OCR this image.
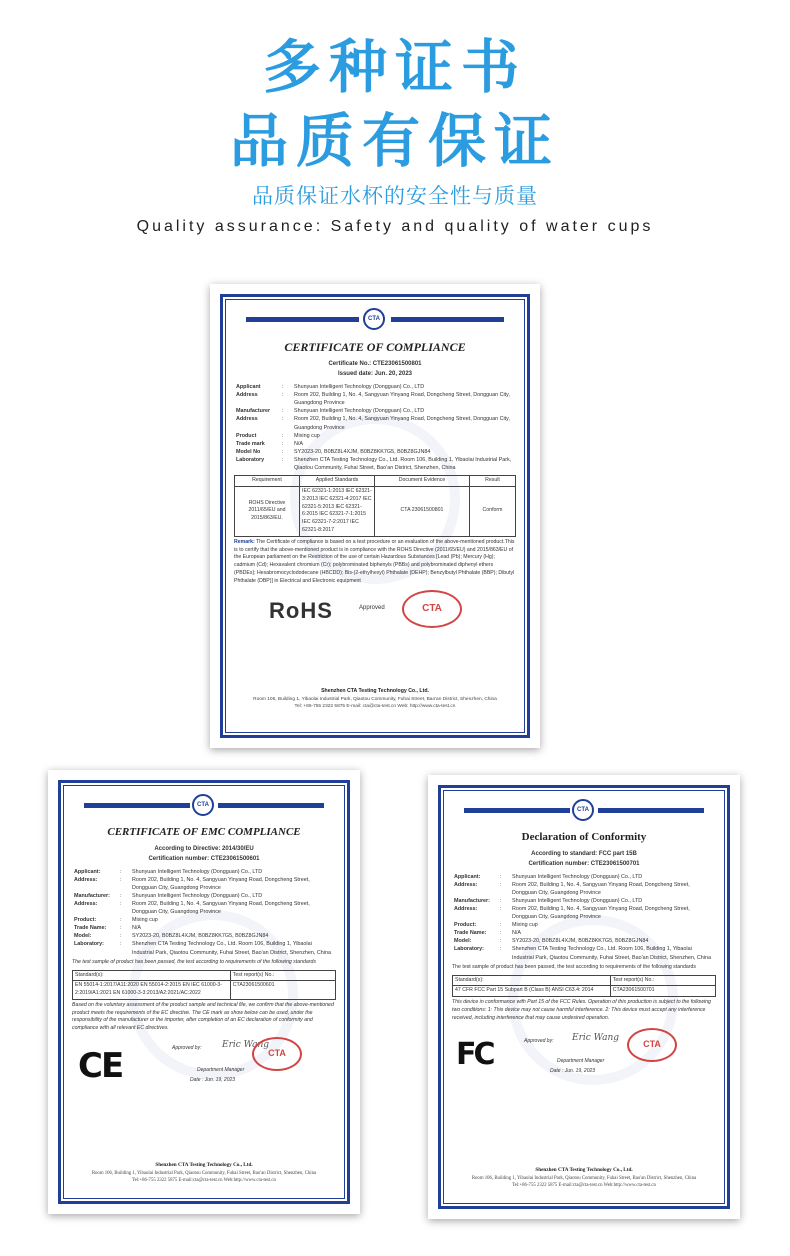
多种证书
品质有保证
品质保证水杯的安全性与质量
Quality assurance: Safety and quality of water cups
CTA
CERTIFICATE OF COMPLIANCE
Certificate No.: CTE23061500801
Issued date: Jun. 20, 2023
Applicant	:	Shunyuan Intelligent Technology (Dongguan) Co., LTD
Address	:	Room 202, Building 1, No. 4, Sangyuan Yinyang Road, Dongcheng Street, Dongguan City, Guangdong Province
Manufacturer	:	Shunyuan Intelligent Technology (Dongguan) Co., LTD
Address	:	Room 202, Building 1, No. 4, Sangyuan Yinyang Road, Dongcheng Street, Dongguan City, Guangdong Province
Product	:	Mixing cup
Trade mark	:	N/A
Model No	:	SY2023-20, B0BZ8L4XJM, B0BZ8KK7G5, B0BZ8GJN84
Laboratory	:	Shenzhen CTA Testing Technology Co., Ltd. Room 106, Building 1, Yibaolai Industrial Park, Qiaotou Community, Fuhai Street, Bao'an District, Shenzhen, China
Requirement	Applied Standards	Document Evidence	Result
ROHS Directive 2011/65/EU and 2015/863/EU.	IEC 62321-1:2013 IEC 62321-3:2013 IEC 62321-4:2017 IEC 62321-5:2013 IEC 62321-6:2015 IEC 62321-7-1:2015 IEC 62321-7-2:2017 IEC 62321-8:2017	CTA 23061500801	Conform
Remark: The Certificate of compliance is based on a test procedure or an evaluation of the above-mentioned product.This is to certify that the above-mentioned product is in compliance with the ROHS Directive (2011/65/EU) and 2015/863/EU of the European parliament on the Restriction of the use of certain Hazardous Substances [Lead (Pb); Mercury (Hg); cadmium (Cd); Hexavalent chromium (Cr); polybrominated biphenyls (PBBs) and polybrominated diphenyl ethers (PBDEs); Hexabromocyclododecane (HBCDD); Bis-(2-ethylhexyl) Phthalate (DEHP); Benzylbutyl Phthalate (BBP); Dibutyl Phthalate (DBP)] in Electrical and Electronic equipment
RoHS	Approved	CTA
Shenzhen CTA Testing Technology Co., Ltd.
Room 106, Building 1, Yibaolai Industrial Park, Qiaotou Community, Fuhai Street, Bao'an District, Shenzhen, China
Tel: +86-755 2322 5875 E-mail: cta@cta-test.cn Web: http://www.cta-test.cn
CTA
CERTIFICATE OF EMC COMPLIANCE
According to Directive: 2014/30/EU
Certification number: CTE23061500601
Applicant:	:	Shunyuan Intelligent Technology (Dongguan) Co., LTD
Address:	:	Room 202, Building 1, No. 4, Sangyuan Yinyang Road, Dongcheng Street, Dongguan City, Guangdong Province
Manufacturer:	:	Shunyuan Intelligent Technology (Dongguan) Co., LTD
Address:	:	Room 202, Building 1, No. 4, Sangyuan Yinyang Road, Dongcheng Street, Dongguan City, Guangdong Province
Product:	:	Mixing cup
Trade Name:	:	N/A
Model:	:	SY2023-20, B0BZ8L4XJM, B0BZ8KK7G5, B0BZ8GJN84
Laboratory:	:	Shenzhen CTA Testing Technology Co., Ltd. Room 106, Building 1, Yibaolai Industrial Park, Qiaotou Community, Fuhai Street, Bao'an District, Shenzhen, China
The test sample of product has been passed, the test according to requirements of the following standards
Standard(s):	Test report(s) No.:
EN 55014-1:2017/A11:2020 EN 55014-2:2015 EN IEC 61000-3-2:2019/A1:2021 EN 61000-3-3:2013/A2:2021/AC:2022	CTA23061500601
Based on the voluntary assessment of the product sample and technical file, we confirm that the above-mentioned product meets the requirements of the EC directive. The CE mark as show below can be used, under the responsibility of the manufacturer or the importer, after completion of an EC declaration of conformity and compliance with all relevant EC directives.
CE	Approved by: Eric Wang
CTA
Department Manager
Date : Jun. 19, 2023
Shenzhen CTA Testing Technology Co., Ltd.
Room 106, Building 1, Yibaolai Industrial Park, Qiaotou Community, Fuhai Street, Bao'an District, Shenzhen, China
Tel:+86-755 2322 5875 E-mail:cta@cta-test.cn Web:http://www.cta-test.cn
CTA
Declaration of Conformity
According to standard: FCC part 15B
Certification number: CTE23061500701
Applicant:	:	Shunyuan Intelligent Technology (Dongguan) Co., LTD
Address:	:	Room 202, Building 1, No. 4, Sangyuan Yinyang Road, Dongcheng Street, Dongguan City, Guangdong Province
Manufacturer:	:	Shunyuan Intelligent Technology (Dongguan) Co., LTD
Address:	:	Room 202, Building 1, No. 4, Sangyuan Yinyang Road, Dongcheng Street, Dongguan City, Guangdong Province
Product:	:	Mixing cup
Trade Name:	:	N/A
Model:	:	SY2023-20, B0BZ8L4XJM, B0BZ8KK7G5, B0BZ8GJN84
Laboratory:	:	Shenzhen CTA Testing Technology Co., Ltd. Room 106, Building 1, Yibaolai Industrial Park, Qiaotou Community, Fuhai Street, Bao'an District, Shenzhen, China
The test sample of product has been passed, the test according to requirements of the following standards
Standard(s):	Test report(s) No.:
47 CFR FCC Part 15 Subpart B (Class B) ANSI C63.4: 2014	CTA23061500701
This device in conformance with Part 15 of the FCC Rules. Operation of this production is subject to the following two conditions: 1: This device may not cause harmful interference. 2: This device must accept any interference received, including interference that may cause undesired operation.
FC	Approved by: Eric Wang
CTA
Department Manager
Date : Jun. 19, 2023
Shenzhen CTA Testing Technology Co., Ltd.
Room 106, Building 1, Yibaolai Industrial Park, Qiaotou Community, Fuhai Street, Bao'an District, Shenzhen, China
Tel:+86-755 2322 5875 E-mail:cta@cta-test.cn Web:http://www.cta-test.cn
